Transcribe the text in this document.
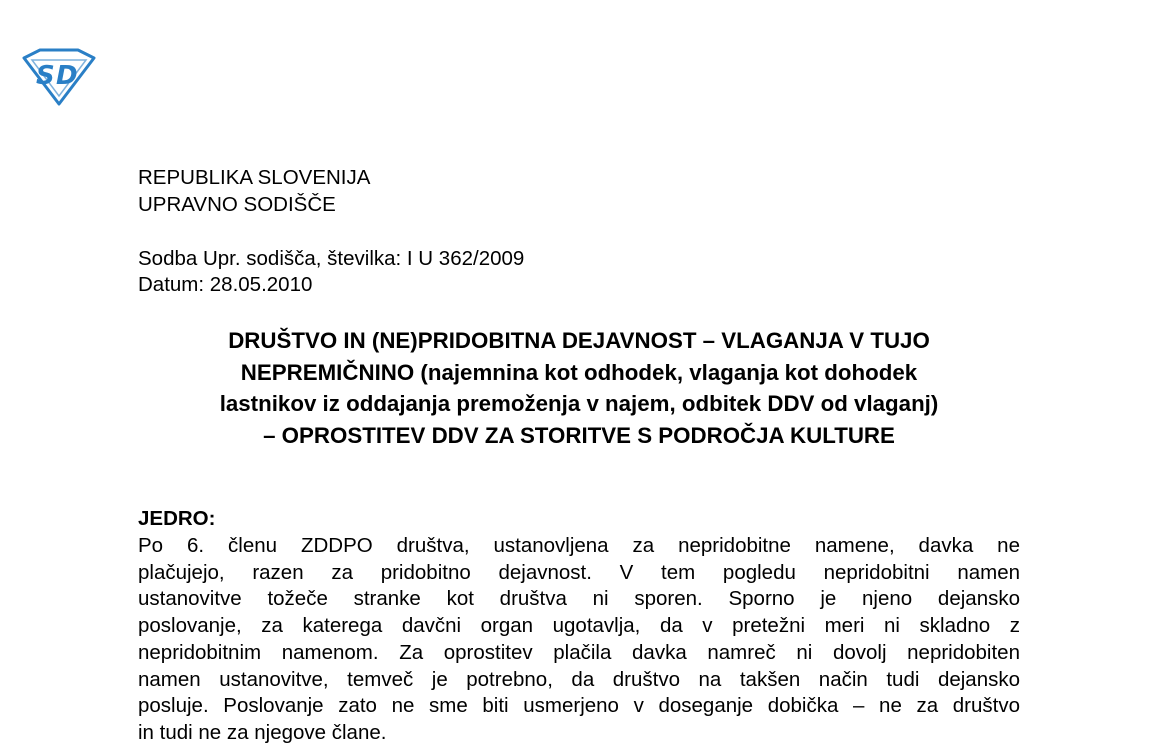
S D
REPUBLIKA SLOVENIJA
UPRAVNO SODIŠČE
Sodba Upr. sodišča, številka: I U 362/2009
Datum: 28.05.2010
DRUŠTVO IN (NE)PRIDOBITNA DEJAVNOST – VLAGANJA V TUJO
NEPREMIČNINO (najemnina kot odhodek, vlaganja kot dohodek
lastnikov iz oddajanja premoženja v najem, odbitek DDV od vlaganj)
– OPROSTITEV DDV ZA STORITVE S PODROČJA KULTURE
JEDRO:
Po 6. členu ZDDPO društva, ustanovljena za nepridobitne namene, davka ne
plačujejo, razen za pridobitno dejavnost. V tem pogledu nepridobitni namen
ustanovitve tožeče stranke kot društva ni sporen. Sporno je njeno dejansko
poslovanje, za katerega davčni organ ugotavlja, da v pretežni meri ni skladno z
nepridobitnim namenom. Za oprostitev plačila davka namreč ni dovolj nepridobiten
namen ustanovitve, temveč je potrebno, da društvo na takšen način tudi dejansko
posluje. Poslovanje zato ne sme biti usmerjeno v doseganje dobička – ne za društvo
in tudi ne za njegove člane.
